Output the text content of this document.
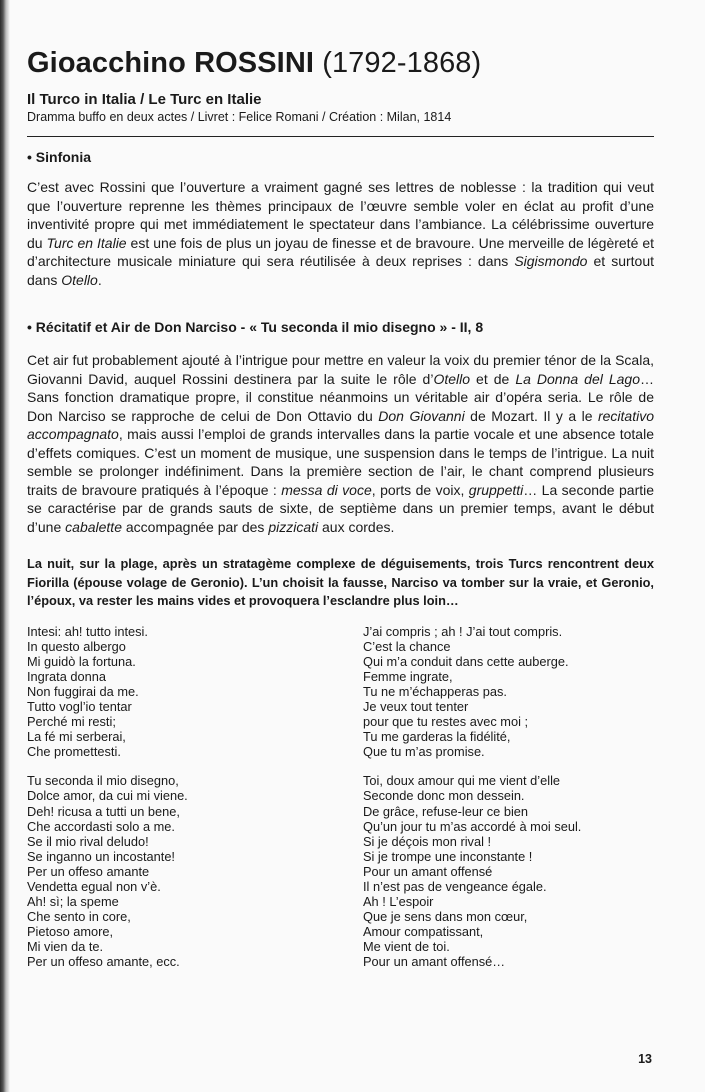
Gioacchino ROSSINI (1792-1868)
Il Turco in Italia / Le Turc en Italie
Dramma buffo en deux actes / Livret : Felice Romani / Création : Milan, 1814
• Sinfonia

C’est avec Rossini que l’ouverture a vraiment gagné ses lettres de noblesse : la tradition qui veut que l’ouverture reprenne les thèmes principaux de l’œuvre semble voler en éclat au profit d’une inventivité propre qui met immédiatement le spectateur dans l’ambiance. La célébrissime ouverture du Turc en Italie est une fois de plus un joyau de finesse et de bravoure. Une merveille de légèreté et d’architecture musicale miniature qui sera réutilisée à deux reprises : dans Sigismondo et surtout dans Otello.

• Récitatif et Air de Don Narciso - « Tu seconda il mio disegno » - II, 8

Cet air fut probablement ajouté à l’intrigue pour mettre en valeur la voix du premier ténor de la Scala, Giovanni David, auquel Rossini destinera par la suite le rôle d’Otello et de La Donna del Lago… Sans fonction dramatique propre, il constitue néanmoins un véritable air d’opéra seria. Le rôle de Don Narciso se rapproche de celui de Don Ottavio du Don Giovanni de Mozart. Il y a le recitativo accompagnato, mais aussi l’emploi de grands intervalles dans la partie vocale et une absence totale d’effets comiques. C’est un moment de musique, une suspension dans le temps de l’intrigue. La nuit semble se prolonger indéfiniment. Dans la première section de l’air, le chant comprend plusieurs traits de bravoure pratiqués à l’époque : messa di voce, ports de voix, gruppetti… La seconde partie se caractérise par de grands sauts de sixte, de septième dans un premier temps, avant le début d’une cabalette accompagnée par des pizzicati aux cordes.

La nuit, sur la plage, après un stratagème complexe de déguisements, trois Turcs rencontrent deux Fiorilla (épouse volage de Geronio). L’un choisit la fausse, Narciso va tomber sur la vraie, et Geronio, l’époux, va rester les mains vides et provoquera l’esclandre plus loin…

Intesi: ah! tutto intesi.
In questo albergo
Mi guidò la fortuna.
Ingrata donna
Non fuggirai da me.
Tutto vogl’io tentar
Perché mi resti;
La fé mi serberai,
Che promettesti.
Tu seconda il mio disegno,
Dolce amor, da cui mi viene.
Deh! ricusa a tutti un bene,
Che accordasti solo a me.
Se il mio rival deludo!
Se inganno un incostante!
Per un offeso amante
Vendetta egual non v’è.
Ah! sì; la speme
Che sento in core,
Pietoso amore,
Mi vien da te.
Per un offeso amante, ecc.
J’ai compris ; ah ! J’ai tout compris.
C’est la chance
Qui m’a conduit dans cette auberge.
Femme ingrate,
Tu ne m’échapperas pas.
Je veux tout tenter
pour que tu restes avec moi ;
Tu me garderas la fidélité,
Que tu m’as promise.
Toi, doux amour qui me vient d’elle
Seconde donc mon dessein.
De grâce, refuse-leur ce bien
Qu’un jour tu m’as accordé à moi seul.
Si je déçois mon rival !
Si je trompe une inconstante !
Pour un amant offensé
Il n’est pas de vengeance égale.
Ah ! L’espoir
Que je sens dans mon cœur,
Amour compatissant,
Me vient de toi.
Pour un amant offensé…
13
